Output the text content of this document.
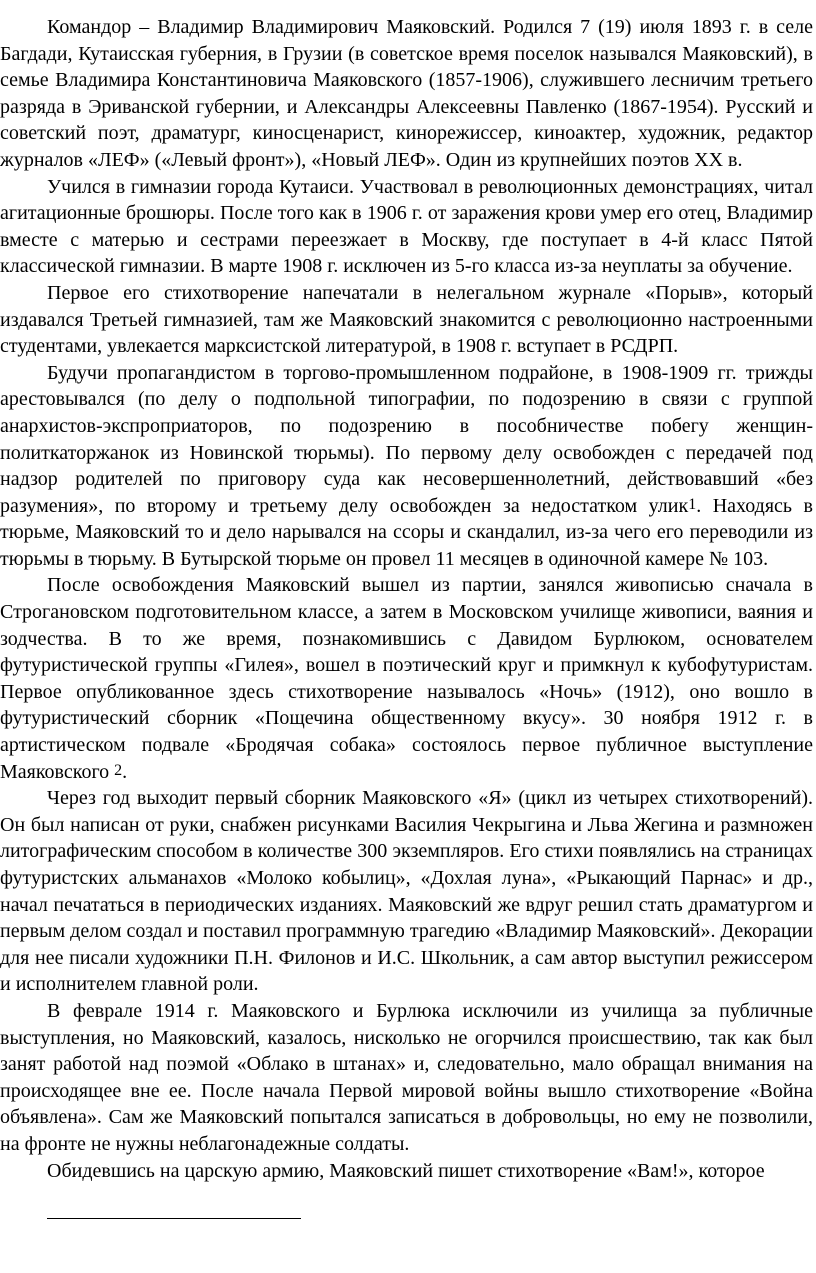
Командор – Владимир Владимирович Маяковский. Родился 7 (19) июля 1893 г. в селе Багдади, Кутаисская губерния, в Грузии (в советское время поселок назывался Маяковский), в семье Владимира Константиновича Маяковского (1857-1906), служившего лесничим третьего разряда в Эриванской губернии, и Александры Алексеевны Павленко (1867-1954). Русский и советский поэт, драматург, киносценарист, кинорежиссер, киноактер, художник, редактор журналов «ЛЕФ» («Левый фронт»), «Новый ЛЕФ». Один из крупнейших поэтов XX в.

Учился в гимназии города Кутаиси. Участвовал в революционных демонстрациях, читал агитационные брошюры. После того как в 1906 г. от заражения крови умер его отец, Владимир вместе с матерью и сестрами переезжает в Москву, где поступает в 4-й класс Пятой классической гимназии. В марте 1908 г. исключен из 5-го класса из-за неуплаты за обучение.

Первое его стихотворение напечатали в нелегальном журнале «Порыв», который издавался Третьей гимназией, там же Маяковский знакомится с революционно настроенными студентами, увлекается марксистской литературой, в 1908 г. вступает в РСДРП.

Будучи пропагандистом в торгово-промышленном подрайоне, в 1908-1909 гг. трижды арестовывался (по делу о подпольной типографии, по подозрению в связи с группой анархистов-экспроприаторов, по подозрению в пособничестве побегу женщин-политкаторжанок из Новинской тюрьмы). По первому делу освобожден с передачей под надзор родителей по приговору суда как несовершеннолетний, действовавший «без разумения», по второму и третьему делу освобожден за недостатком улик$^1$. Находясь в тюрьме, Маяковский то и дело нарывался на ссоры и скандалил, из-за чего его переводили из тюрьмы в тюрьму. В Бутырской тюрьме он провел 11 месяцев в одиночной камере № 103.

После освобождения Маяковский вышел из партии, занялся живописью сначала в Строгановском подготовительном классе, а затем в Московском училище живописи, ваяния и зодчества. В то же время, познакомившись с Давидом Бурлюком, основателем футуристической группы «Гилея», вошел в поэтический круг и примкнул к кубофутуристам. Первое опубликованное здесь стихотворение называлось «Ночь» (1912), оно вошло в футуристический сборник «Пощечина общественному вкусу». 30 ноября 1912 г. в артистическом подвале «Бродячая собака» состоялось первое публичное выступление Маяковского $^2$.

Через год выходит первый сборник Маяковского «Я» (цикл из четырех стихотворений). Он был написан от руки, снабжен рисунками Василия Чекрыгина и Льва Жегина и размножен литографическим способом в количестве 300 экземпляров. Его стихи появлялись на страницах футуристских альманахов «Молоко кобылиц», «Дохлая луна», «Рыкающий Парнас» и др., начал печататься в периодических изданиях. Маяковский же вдруг решил стать драматургом и первым делом создал и поставил программную трагедию «Владимир Маяковский». Декорации для нее писали художники П.Н. Филонов и И.С. Школьник, а сам автор выступил режиссером и исполнителем главной роли.

В феврале 1914 г. Маяковского и Бурлюка исключили из училища за публичные выступления, но Маяковский, казалось, нисколько не огорчился происшествию, так как был занят работой над поэмой «Облако в штанах» и, следовательно, мало обращал внимания на происходящее вне ее. После начала Первой мировой войны вышло стихотворение «Война объявлена». Сам же Маяковский попытался записаться в добровольцы, но ему не позволили, на фронте не нужны неблагонадежные солдаты.

Обидевшись на царскую армию, Маяковский пишет стихотворение «Вам!», которое
